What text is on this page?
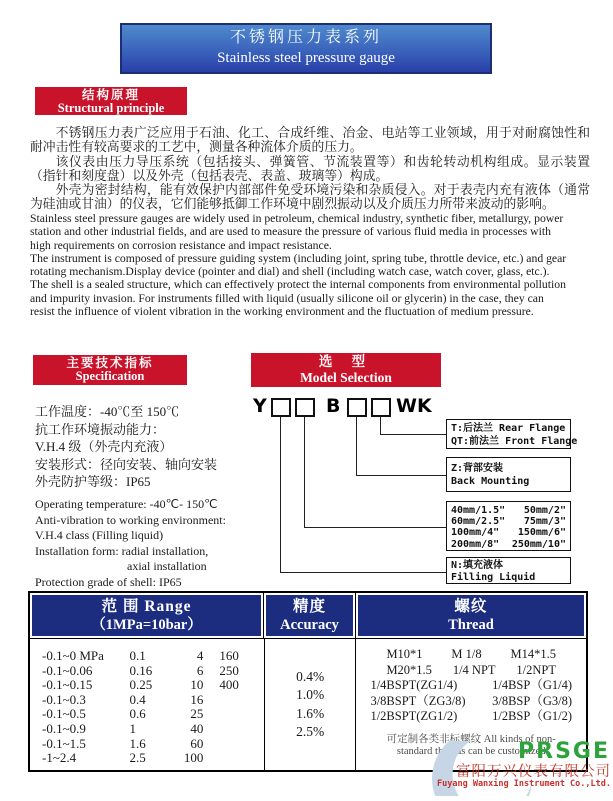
不锈钢压力表系列
Stainless steel pressure gauge
结构原理
Structural principle

不锈钢压力表广泛应用于石油、化工、合成纤维、冶金、电站等工业领域，用于对耐腐蚀性和耐冲击性有较高要求的工艺中，测量各种流体介质的压力。

该仪表由压力导压系统（包括接头、弹簧管、节流装置等）和齿轮转动机构组成。显示装置（指针和刻度盘）以及外壳（包括表壳、表盖、玻璃等）构成。

外壳为密封结构，能有效保护内部部件免受环境污染和杂质侵入。对于表壳内充有液体（通常为硅油或甘油）的仪表，它们能够抵御工作环境中剧烈振动以及介质压力所带来波动的影响。

Stainless steel pressure gauges are widely used in petroleum, chemical industry, synthetic fiber, metallurgy, power station and other industrial fields, and are used to measure the pressure of various fluid media in processes with high requirements on corrosion resistance and impact resistance.

The instrument is composed of pressure guiding system (including joint, spring tube, throttle device, etc.) and gear rotating mechanism.Display device (pointer and dial) and shell (including watch case, watch cover, glass, etc.).

The shell is a sealed structure, which can effectively protect the internal components from environmental pollution and impurity invasion. For instruments filled with liquid (usually silicone oil or glycerin) in the case, they can resist the influence of violent vibration in the working environment and the fluctuation of medium pressure.

主要技术指标
Specification
选 型
Model Selection
工作温度：-40℃至 150℃
抗工作环境振动能力：
V.H.4 级（外壳内充液）
安装形式：径向安装、轴向安装
外壳防护等级：IP65
Operating temperature: -40℃- 150℃
Anti-vibration to working environment:
V.H.4 class (Filling liquid)
Installation form: radial installation,
axial installation
Protection grade of shell: IP65
Y	B	WK
T:后法兰 Rear Flange
QT:前法兰 Front Flange
Z:背部安装
Back Mounting
40mm/1.5" 50mm/2"
60mm/2.5" 75mm/3"
100mm/4" 150mm/6"
200mm/8" 250mm/10"
N:填充液体
Filling Liquid
范 围 Range
（1MPa=10bar）
精度
Accuracy
螺纹
Thread
-0.1~0 MPa	0.1	4	160
-0.1~0.06	0.16	6	250
-0.1~0.15	0.25	10	400
-0.1~0.3	0.4	16
-0.1~0.5	0.6	25
-0.1~0.9	1	40
-0.1~1.5	1.6	60
-1~2.4	2.5	100
0.4%
1.0%
1.6%
2.5%
M10*1 M 1/8 M14*1.5
M20*1.5 1/4 NPT 1/2NPT
1/4BSPT(ZG1/4)	1/4BSP（G1/4)
3/8BSPT（ZG3/8) 3/8BSP（G3/8)
1/2BSPT(ZG1/2)	1/2BSP（G1/2)
可定制各类非标螺纹 All kinds of non-
standard threads can be customized
PRSGE
富阳万兴仪表有限公司
Fuyang Wanxing Instrument Co.,Ltd.
